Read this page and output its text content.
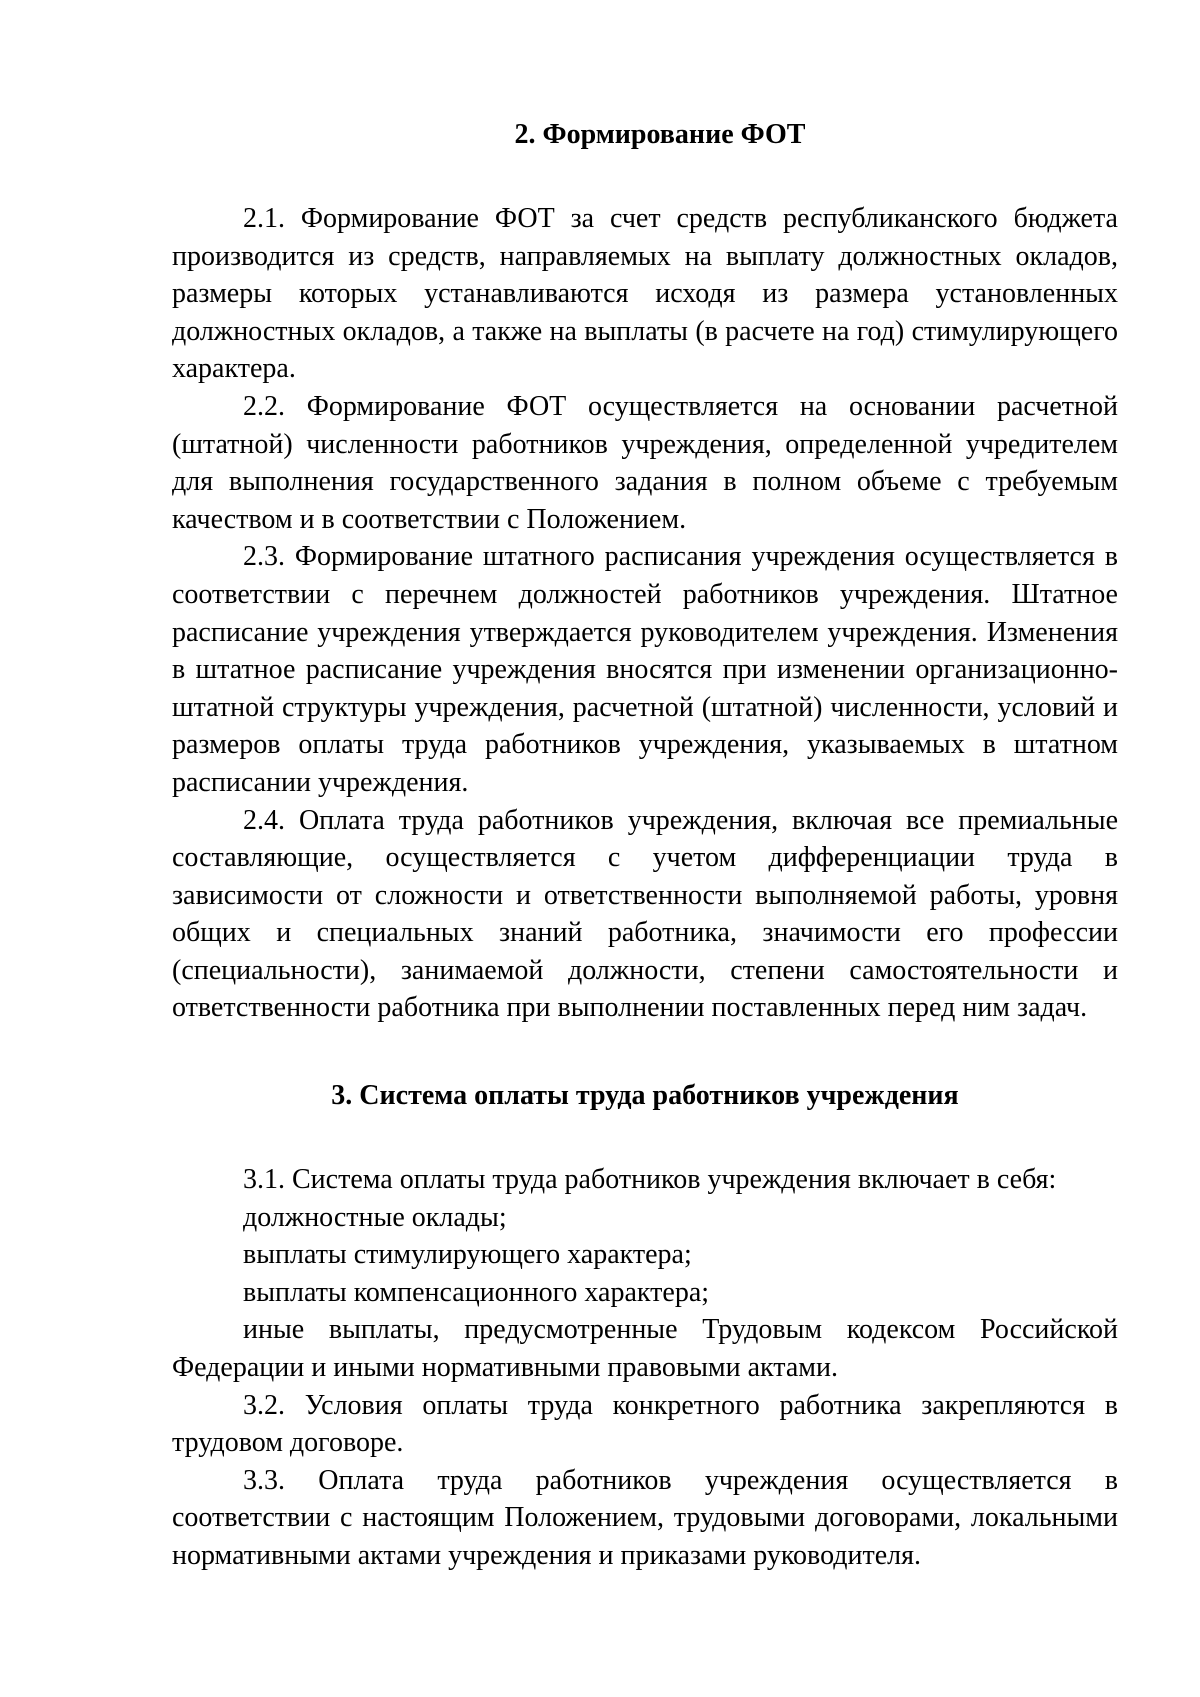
2. Формирование ФОТ

2.1. Формирование ФОТ за счет средств республиканского бюджета производится из средств, направляемых на выплату должностных окладов, размеры которых устанавливаются исходя из размера установленных должностных окладов, а также на выплаты (в расчете на год) стимулирующего характера.

2.2. Формирование ФОТ осуществляется на основании расчетной (штатной) численности работников учреждения, определенной учредителем для выполнения государственного задания в полном объеме с требуемым качеством и в соответствии с Положением.

2.3. Формирование штатного расписания учреждения осуществляется в соответствии с перечнем должностей работников учреждения. Штатное расписание учреждения утверждается руководителем учреждения. Изменения в штатное расписание учреждения вносятся при изменении организационно-штатной структуры учреждения, расчетной (штатной) численности, условий и размеров оплаты труда работников учреждения, указываемых в штатном расписании учреждения.

2.4. Оплата труда работников учреждения, включая все премиальные составляющие, осуществляется с учетом дифференциации труда в зависимости от сложности и ответственности выполняемой работы, уровня общих и специальных знаний работника, значимости его профессии (специальности), занимаемой должности, степени самостоятельности и ответственности работника при выполнении поставленных перед ним задач.

3. Система оплаты труда работников учреждения

3.1. Система оплаты труда работников учреждения включает в себя:

должностные оклады;

выплаты стимулирующего характера;

выплаты компенсационного характера;

иные выплаты, предусмотренные Трудовым кодексом Российской Федерации и иными нормативными правовыми актами.

3.2. Условия оплаты труда конкретного работника закрепляются в трудовом договоре.

3.3. Оплата труда работников учреждения осуществляется в соответствии с настоящим Положением, трудовыми договорами, локальными нормативными актами учреждения и приказами руководителя.
